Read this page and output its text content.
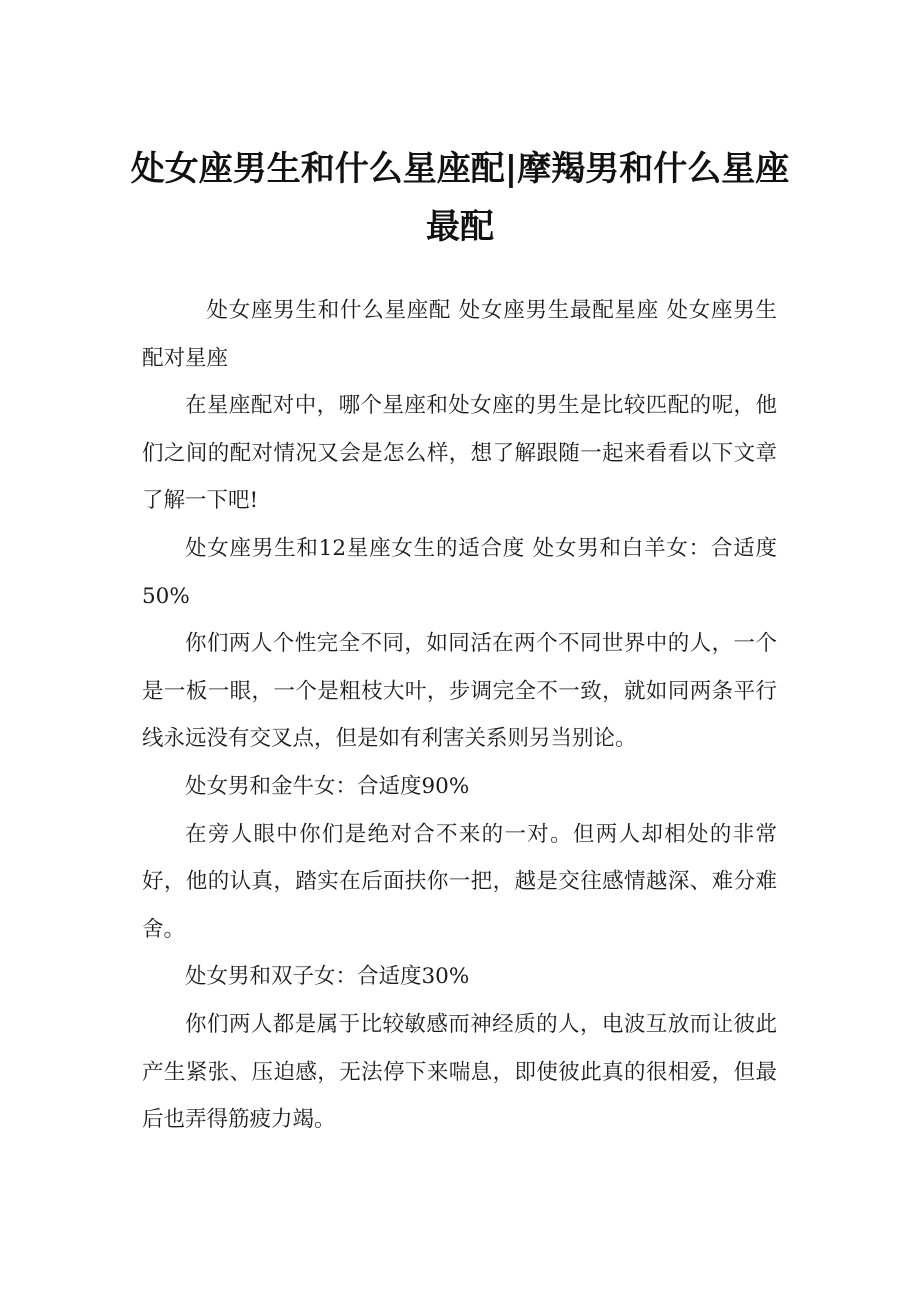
处女座男生和什么星座配|摩羯男和什么星座最配

处女座男生和什么星座配 处女座男生最配星座 处女座男生配对星座

在星座配对中，哪个星座和处女座的男生是比较匹配的呢，他们之间的配对情况又会是怎么样，想了解跟随一起来看看以下文章了解一下吧!

处女座男生和12星座女生的适合度 处女男和白羊女：合适度50%

你们两人个性完全不同，如同活在两个不同世界中的人，一个是一板一眼，一个是粗枝大叶，步调完全不一致，就如同两条平行线永远没有交叉点，但是如有利害关系则另当别论。

处女男和金牛女：合适度90%

在旁人眼中你们是绝对合不来的一对。但两人却相处的非常好，他的认真，踏实在后面扶你一把，越是交往感情越深、难分难舍。

处女男和双子女：合适度30%

你们两人都是属于比较敏感而神经质的人，电波互放而让彼此产生紧张、压迫感，无法停下来喘息，即使彼此真的很相爱，但最后也弄得筋疲力竭。
